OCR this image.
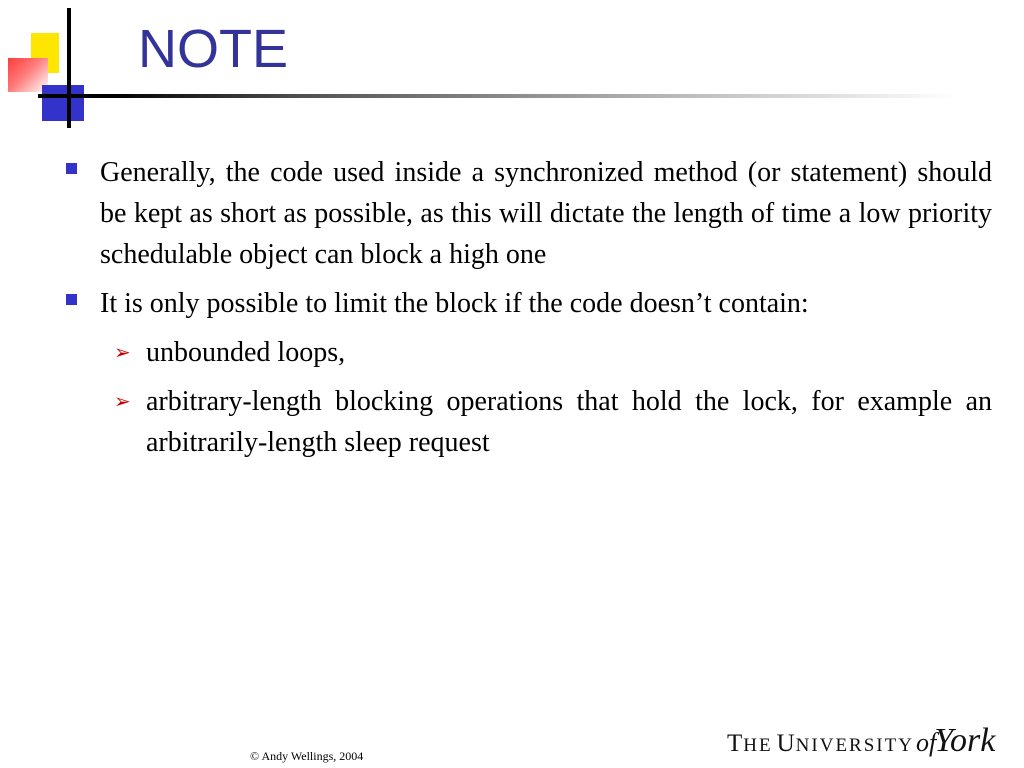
NOTE
Generally, the code used inside a synchronized method (or statement) should be kept as short as possible, as this will dictate the length of time a low priority schedulable object can block a high one
It is only possible to limit the block if the code doesn’t contain:
➢ unbounded loops,
➢ arbitrary-length blocking operations that hold the lock, for example an arbitrarily-length sleep request
© Andy Wellings, 2004	THE UNIVERSITYofYork
